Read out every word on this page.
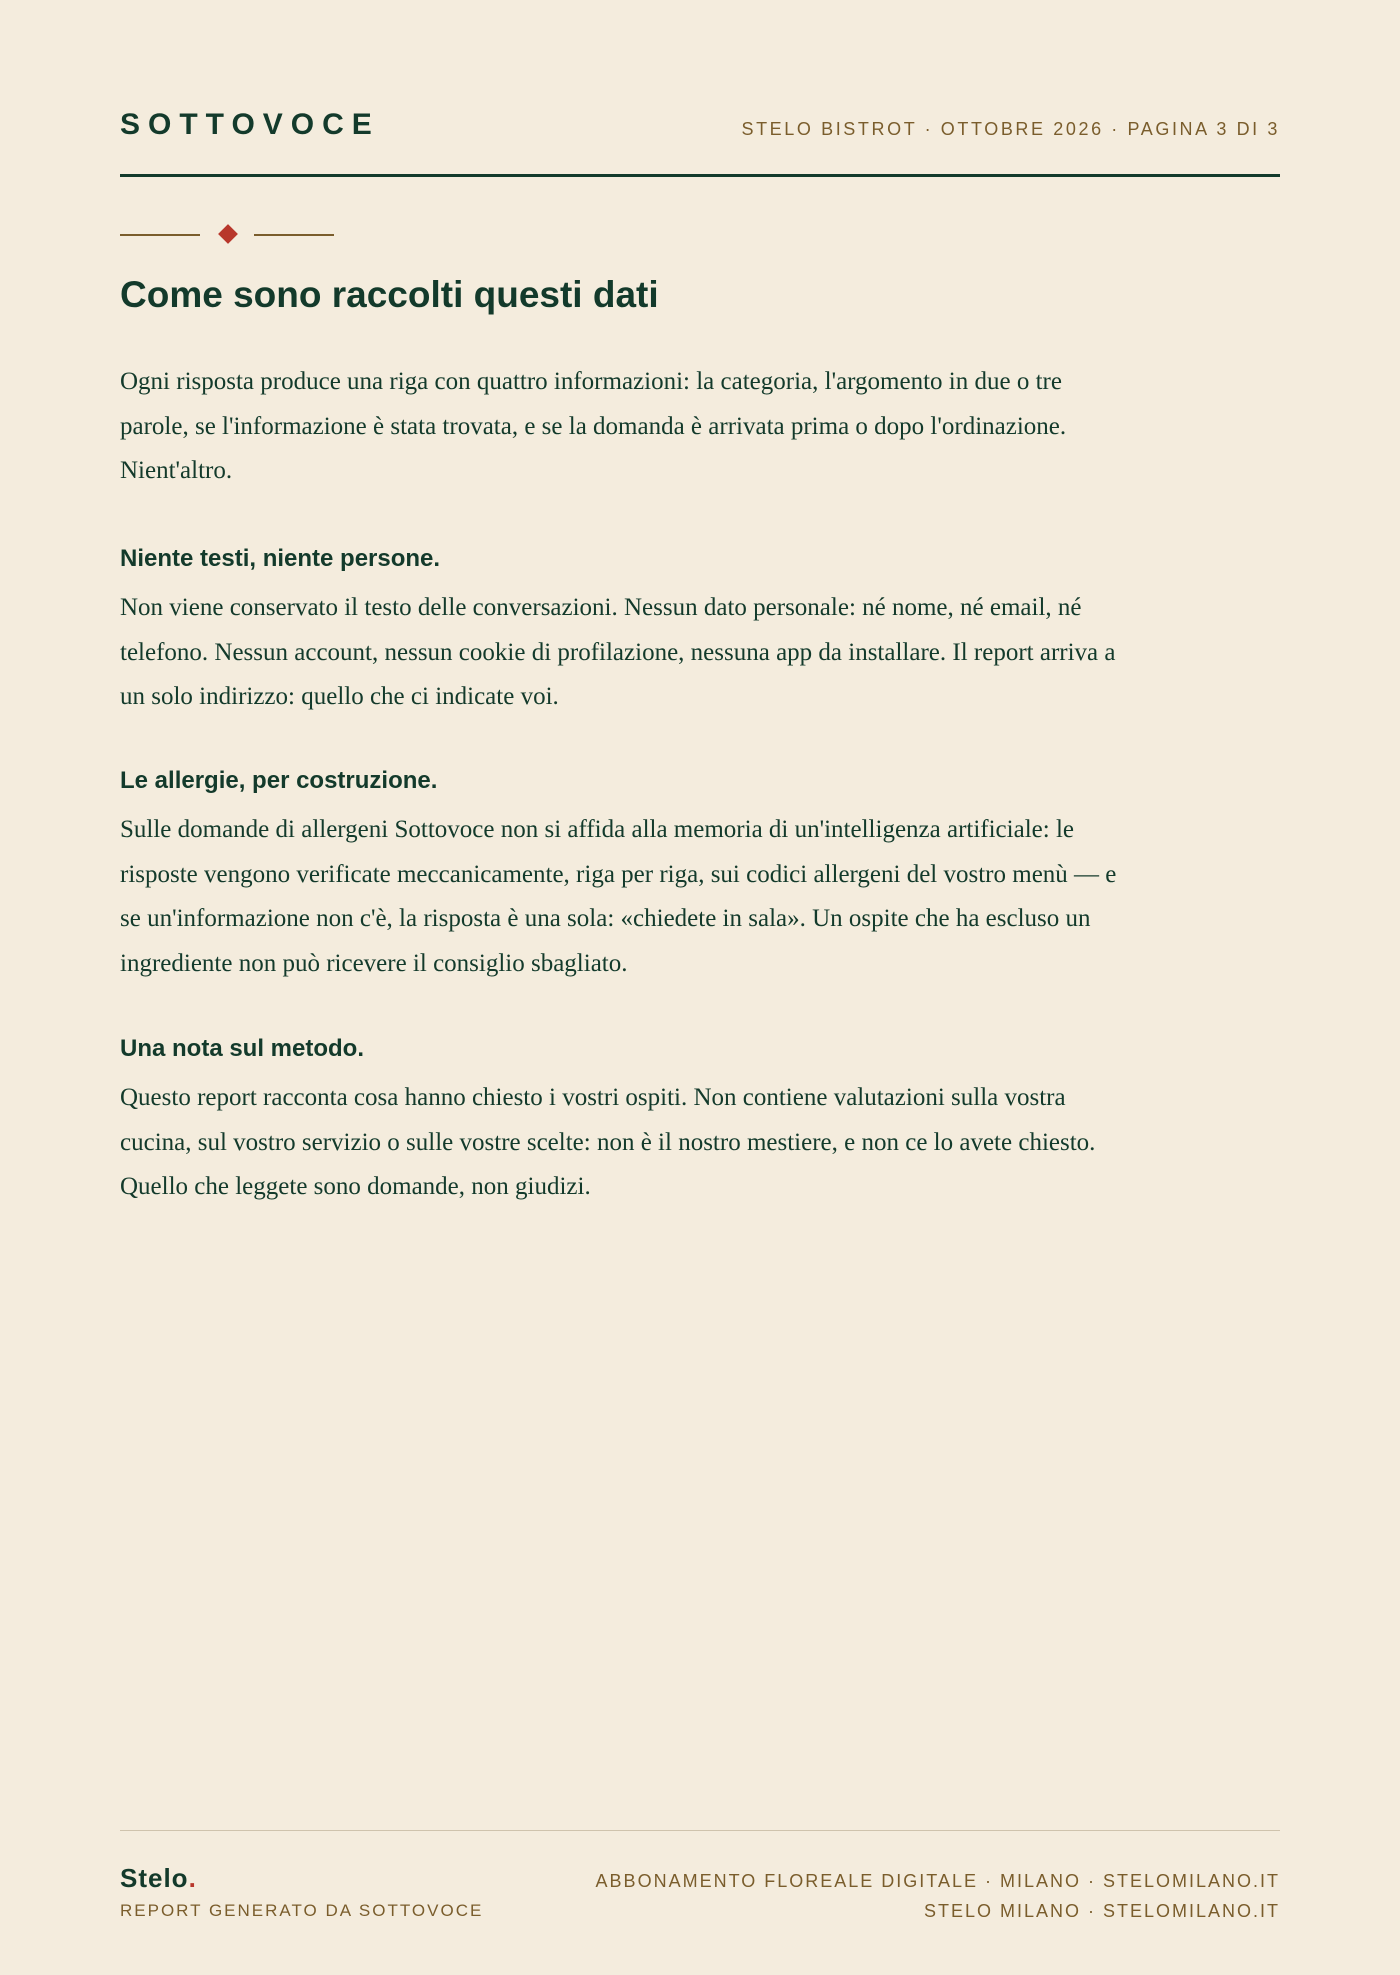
SOTTOVOCE	STELO BISTROT · OTTOBRE 2026 · PAGINA 3 DI 3
Come sono raccolti questi dati

Ogni risposta produce una riga con quattro informazioni: la categoria, l'argomento in due o tre parole, se l'informazione è stata trovata, e se la domanda è arrivata prima o dopo l'ordinazione. Nient'altro.

Niente testi, niente persone.

Non viene conservato il testo delle conversazioni. Nessun dato personale: né nome, né email, né telefono. Nessun account, nessun cookie di profilazione, nessuna app da installare. Il report arriva a un solo indirizzo: quello che ci indicate voi.

Le allergie, per costruzione.

Sulle domande di allergeni Sottovoce non si affida alla memoria di un'intelligenza artificiale: le risposte vengono verificate meccanicamente, riga per riga, sui codici allergeni del vostro menù — e se un'informazione non c'è, la risposta è una sola: «chiedete in sala». Un ospite che ha escluso un ingrediente non può ricevere il consiglio sbagliato.

Una nota sul metodo.

Questo report racconta cosa hanno chiesto i vostri ospiti. Non contiene valutazioni sulla vostra cucina, sul vostro servizio o sulle vostre scelte: non è il nostro mestiere, e non ce lo avete chiesto. Quello che leggete sono domande, non giudizi.

Stelo.
REPORT GENERATO DA SOTTOVOCE
ABBONAMENTO FLOREALE DIGITALE · MILANO · STELOMILANO.IT
STELO MILANO · STELOMILANO.IT
